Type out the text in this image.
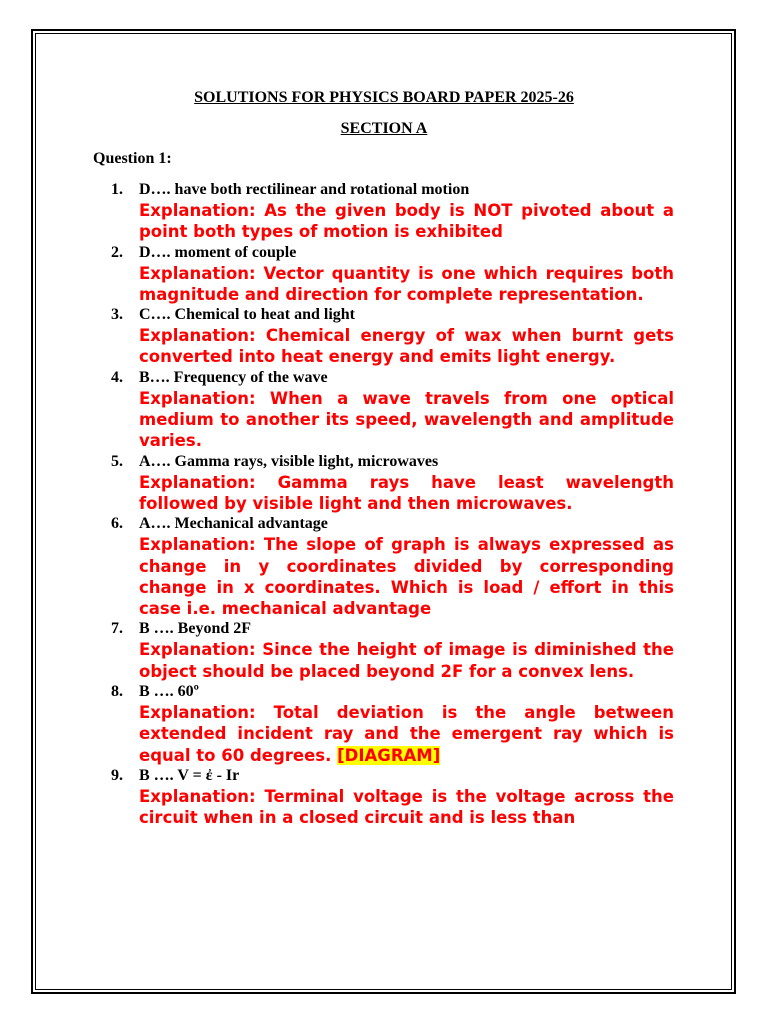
SOLUTIONS FOR PHYSICS BOARD PAPER 2025-26
SECTION A
Question 1:
1.	D…. have both rectilinear and rotational motion
Explanation: As the given body is NOT pivoted about a point both types of motion is exhibited
2.	D…. moment of couple
Explanation: Vector quantity is one which requires both magnitude and direction for complete representation.
3.	C…. Chemical to heat and light
Explanation: Chemical energy of wax when burnt gets converted into heat energy and emits light energy.
4.	B…. Frequency of the wave
Explanation: When a wave travels from one optical medium to another its speed, wavelength and amplitude varies.
5.	A…. Gamma rays, visible light, microwaves
Explanation: Gamma rays have least wavelength followed by visible light and then microwaves.
6.	A…. Mechanical advantage
Explanation: The slope of graph is always expressed as change in y coordinates divided by corresponding change in x coordinates. Which is load / effort in this case i.e. mechanical advantage
7.	B …. Beyond 2F
Explanation: Since the height of image is diminished the object should be placed beyond 2F for a convex lens.
8.	B …. 60º
Explanation: Total deviation is the angle between extended incident ray and the emergent ray which is equal to 60 degrees. [DIAGRAM]
9.	B …. V = ἐ - Ir
Explanation: Terminal voltage is the voltage across the circuit when in a closed circuit and is less than
